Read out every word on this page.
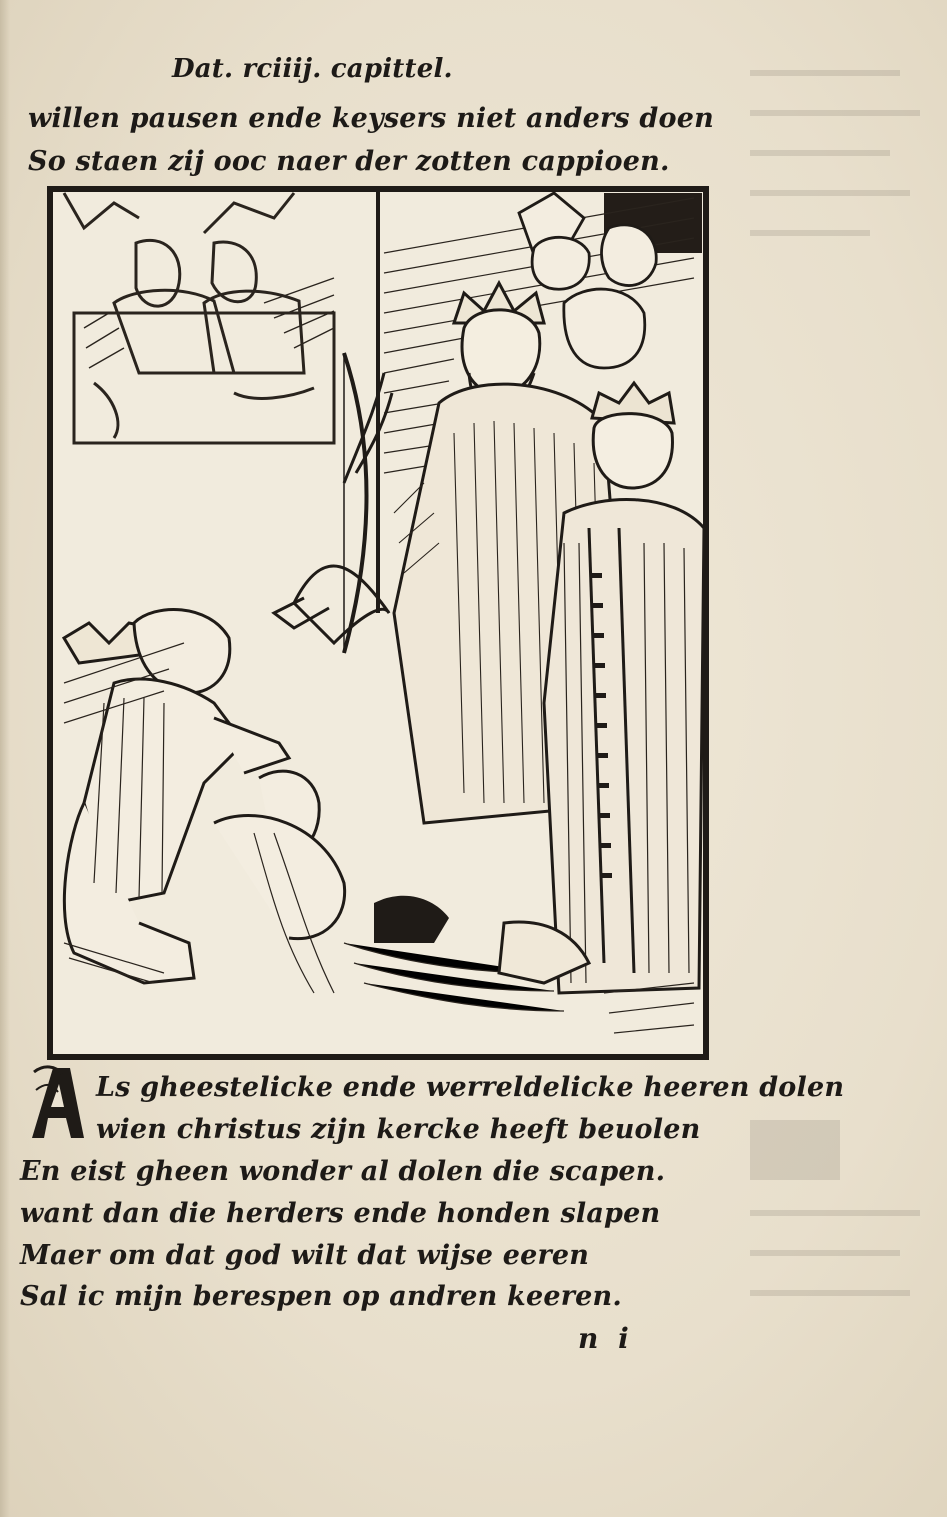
Dat. rciiij. capittel.
willen pausen ende keysers niet anders doen
So staen zij ooc naer der zotten cappioen.
Ls gheestelicke ende werreldelicke heeren dolen
wien christus zijn kercke heeft beuolen
En eist gheen wonder al dolen die scapen.
want dan die herders ende honden slapen
Maer om dat god wilt dat wijse eeren
Sal ic mijn berespen op andren keeren.
n i
